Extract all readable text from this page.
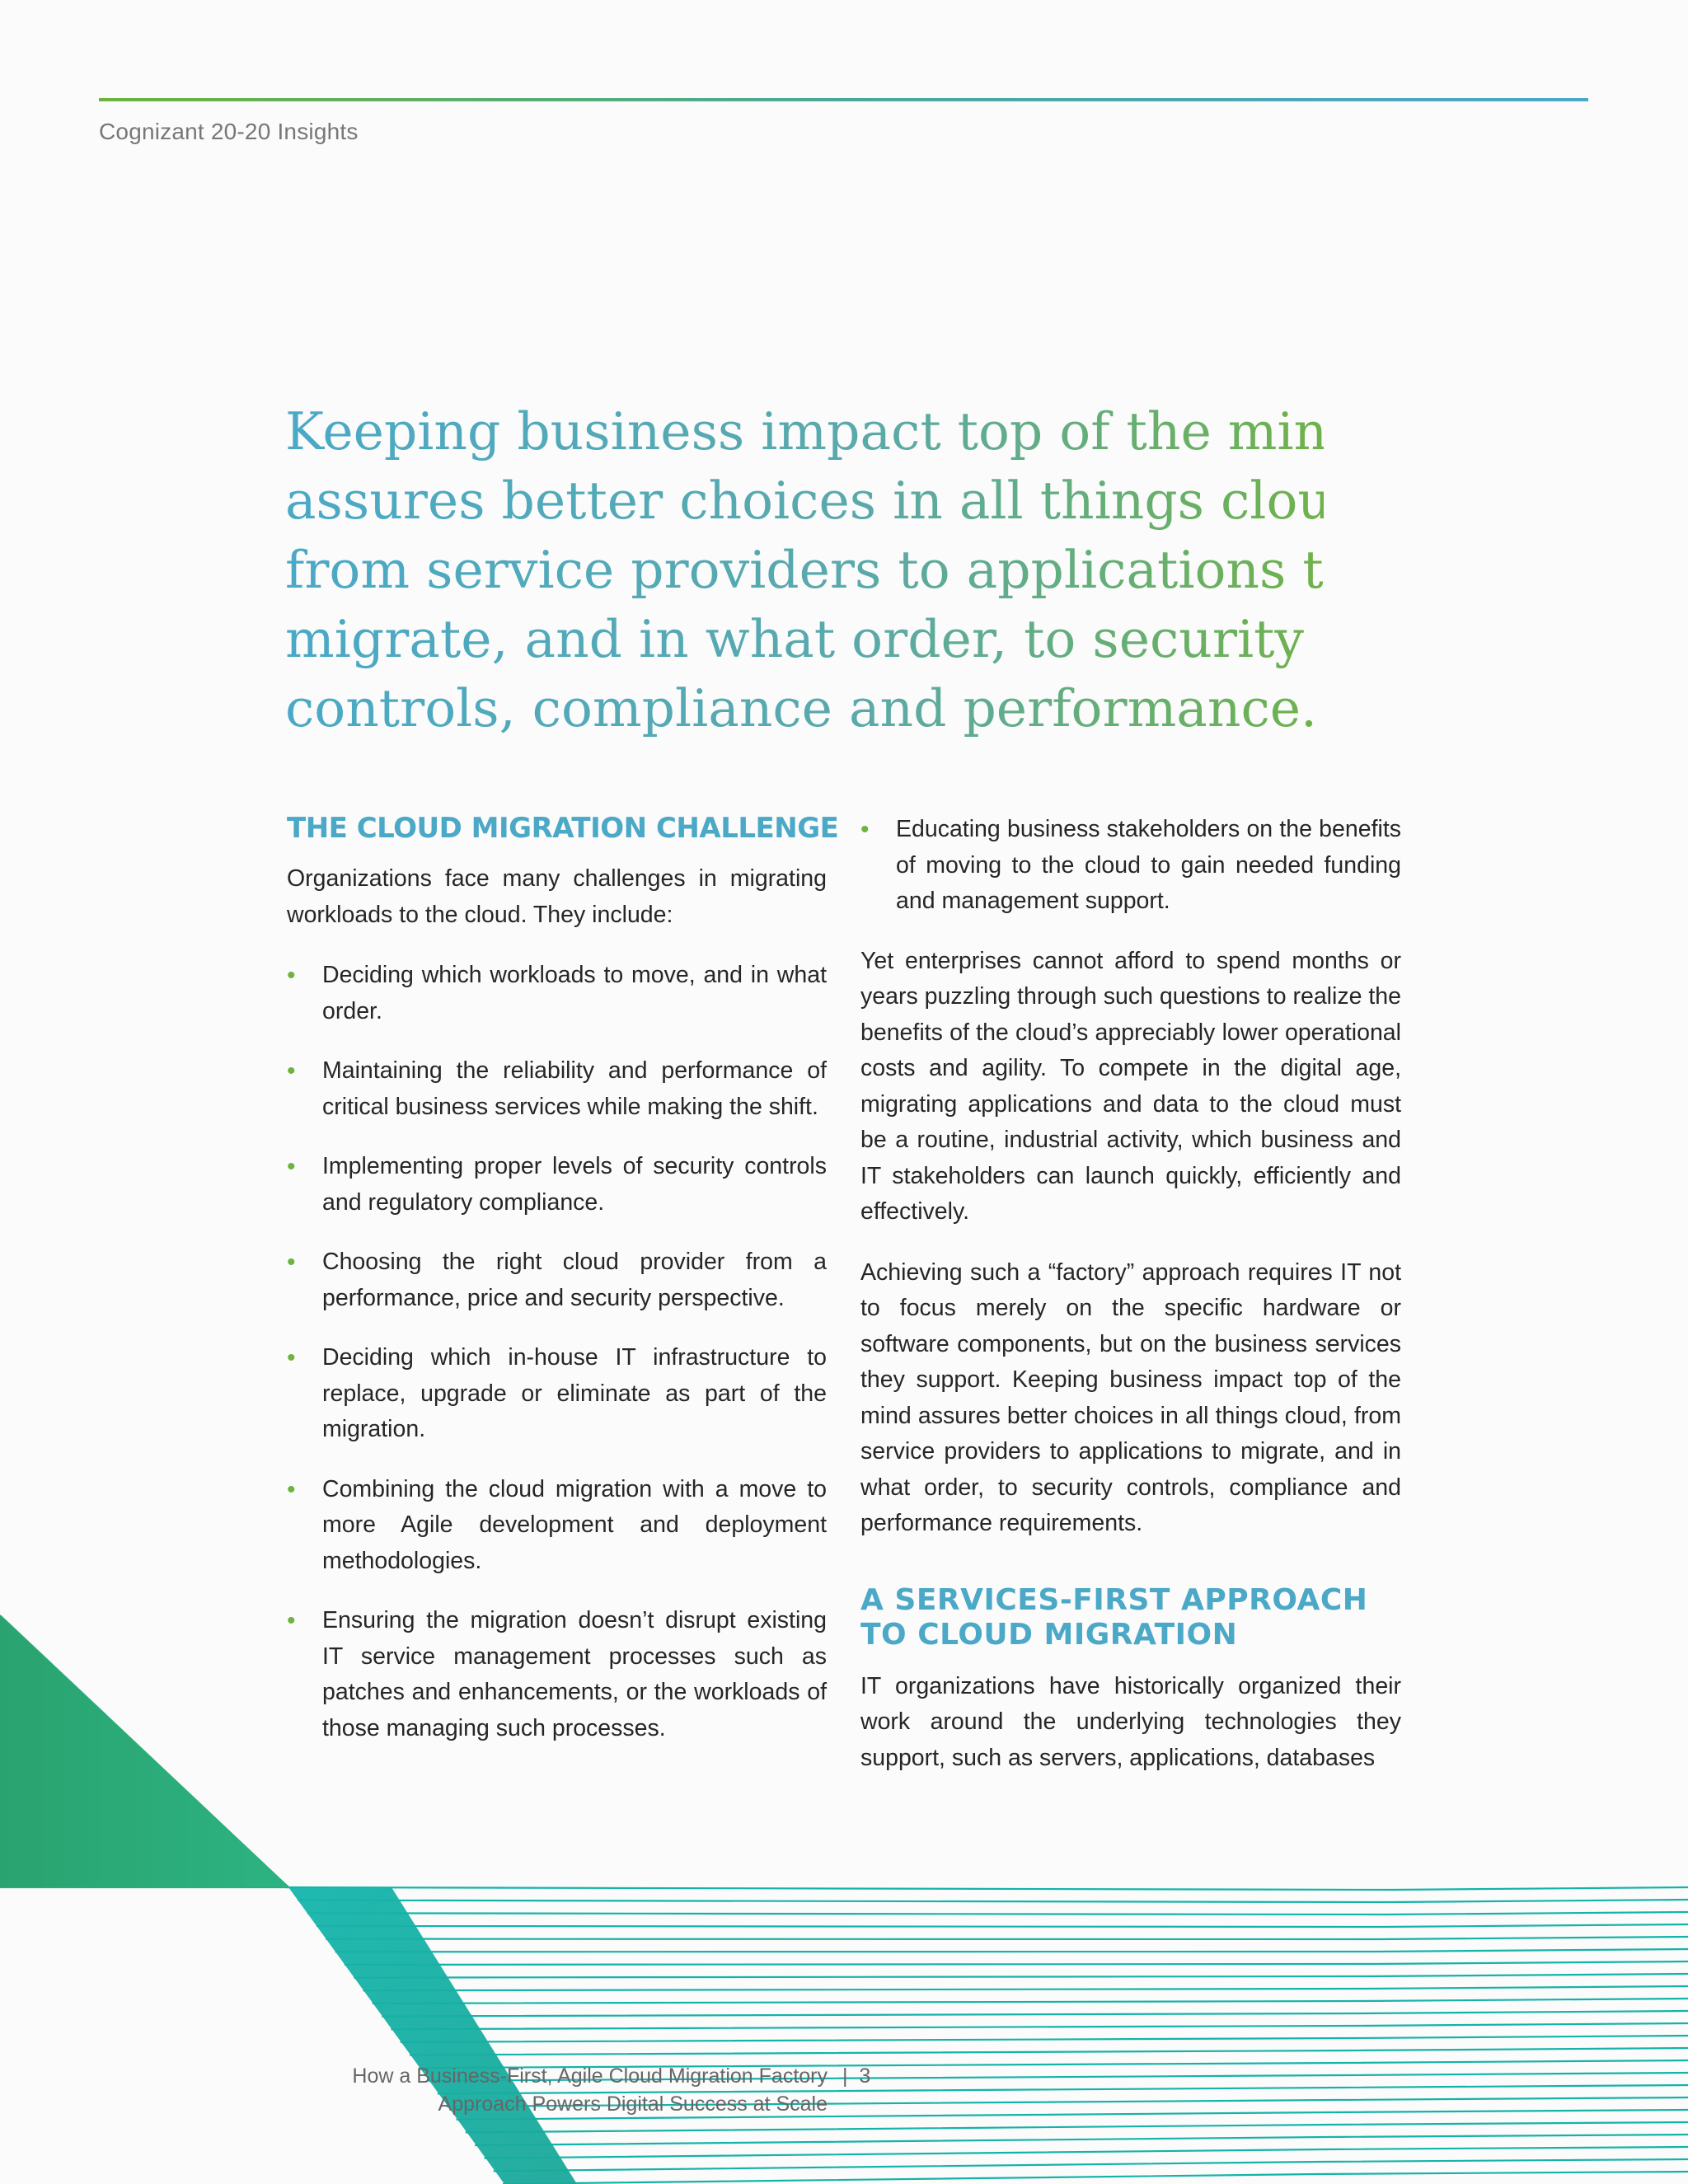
Cognizant 20-20 Insights
Keeping business impact top of the mind
assures better choices in all things cloud,
from service providers to applications to
migrate, and in what order, to security
controls, compliance and performance.
THE CLOUD MIGRATION CHALLENGE

Organizations face many challenges in migrating workloads to the cloud. They include:

• Deciding which workloads to move, and in what order.
• Maintaining the reliability and performance of critical business services while making the shift.
• Implementing proper levels of security controls and regulatory compliance.
• Choosing the right cloud provider from a performance, price and security perspective.
• Deciding which in-house IT infrastructure to replace, upgrade or eliminate as part of the migration.
• Combining the cloud migration with a move to more Agile development and deployment methodologies.
• Ensuring the migration doesn’t disrupt existing IT service management processes such as patches and enhancements, or the workloads of those managing such processes.
• Educating business stakeholders on the benefits of moving to the cloud to gain needed funding and management support.

Yet enterprises cannot afford to spend months or years puzzling through such questions to realize the benefits of the cloud’s appreciably lower operational costs and agility. To compete in the digital age, migrating applications and data to the cloud must be a routine, industrial activity, which business and IT stakeholders can launch quickly, efficiently and effectively.

Achieving such a “factory” approach requires IT not to focus merely on the specific hardware or software components, but on the business services they support. Keeping business impact top of the mind assures better choices in all things cloud, from service providers to applications to migrate, and in what order, to security controls, compliance and performance requirements.

A SERVICES-FIRST APPROACH
TO CLOUD MIGRATION

IT organizations have historically organized their work around the underlying technologies they support, such as servers, applications, databases

How a Business-First, Agile Cloud Migration Factory
Approach Powers Digital Success at Scale
| 3
